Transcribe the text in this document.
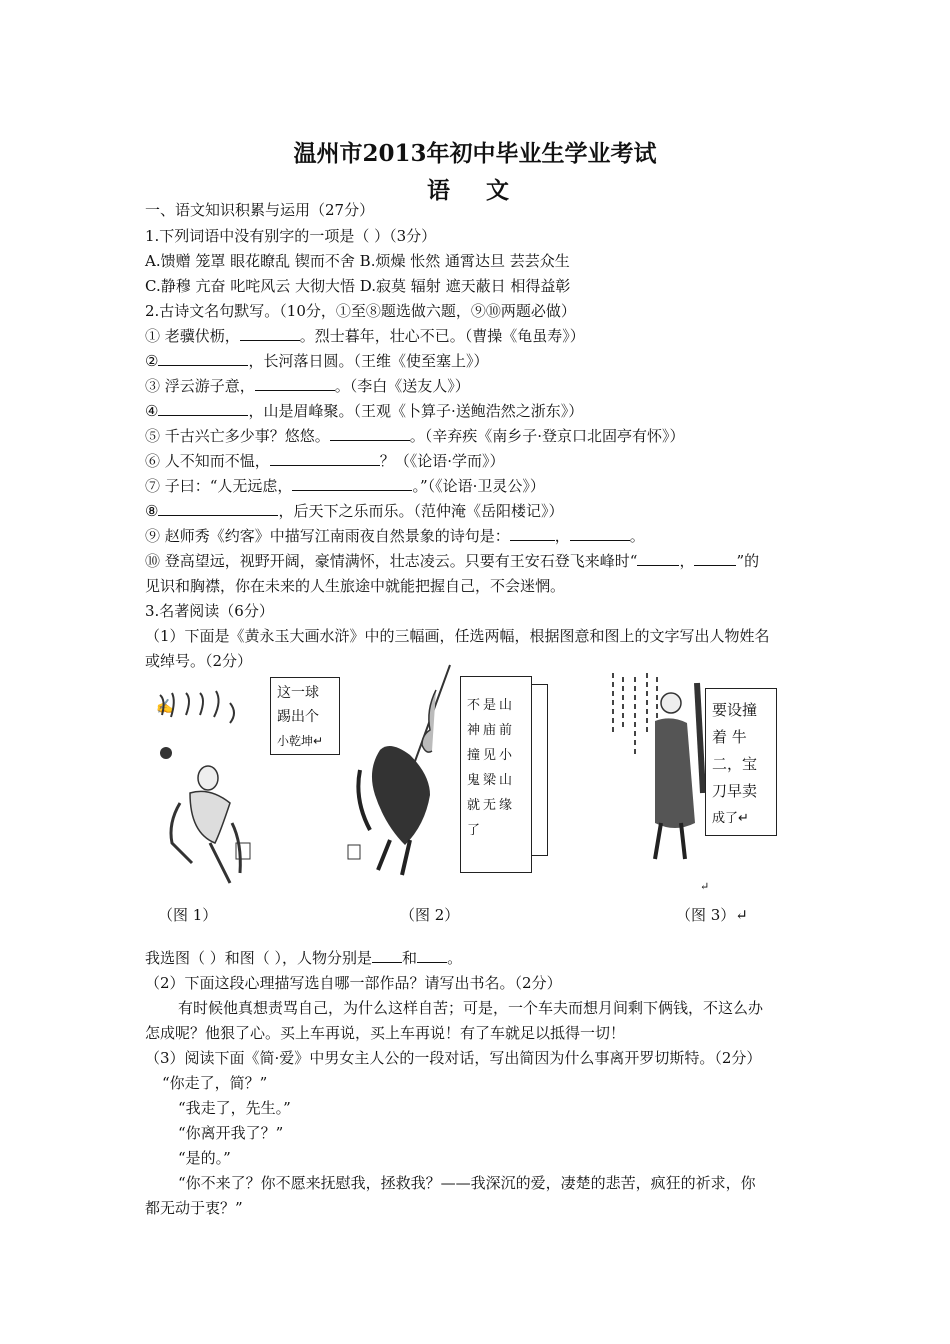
温州市2013年初中毕业生学业考试
语 文
一、语文知识积累与运用（27分）
1.下列词语中没有别字的一项是（ ）（3分）
A.馈赠 笼罩 眼花瞭乱 锲而不舍 B.烦燥 怅然 通霄达旦 芸芸众生
C.静穆 亢奋 叱咤风云 大彻大悟 D.寂莫 辐射 遮天蔽日 相得益彰
2.古诗文名句默写。（10分，①至⑧题选做六题，⑨⑩两题必做）
① 老骥伏枥，	。烈士暮年，壮心不已。（曹操《龟虽寿》）
②	，长河落日圆。（王维《使至塞上》）
③ 浮云游子意，	。（李白《送友人》）
④	，山是眉峰聚。（王观《卜算子·送鲍浩然之浙东》）
⑤ 千古兴亡多少事？悠悠。	。（辛弃疾《南乡子·登京口北固亭有怀》）
⑥ 人不知而不愠，	？（《论语·学而》）
⑦ 子曰：“人无远虑，	。”（《论语·卫灵公》）
⑧	，后天下之乐而乐。（范仲淹《岳阳楼记》）
⑨ 赵师秀《约客》中描写江南雨夜自然景象的诗句是：	，	。
⑩ 登高望远，视野开阔，豪情满怀，壮志凌云。只要有王安石登飞来峰时“	，	”的
见识和胸襟，你在未来的人生旅途中就能把握自己，不会迷惘。
3.名著阅读（6分）
（1）下面是《黄永玉大画水浒》中的三幅画，任选两幅，根据图意和图上的文字写出人物姓名
或绰号。（2分）
✍
这一球
踢出个
小乾坤↵
不是山
神庙前
撞见小
鬼梁山
就无缘
了
要设撞
着 牛
二，宝
刀早卖
成了↵
↵
（图 1）	（图 2）	（图 3）↵
我选图（ ）和图（ ），人物分别是 和 。
（2）下面这段心理描写选自哪一部作品？请写出书名。（2分）
有时候他真想责骂自己，为什么这样自苦；可是，一个车夫而想月间剩下俩钱，不这么办
怎成呢？他狠了心。买上车再说，买上车再说！有了车就足以抵得一切！
（3）阅读下面《简·爱》中男女主人公的一段对话，写出简因为什么事离开罗切斯特。（2分）
“你走了，简？”
“我走了，先生。”
“你离开我了？”
“是的。”
“你不来了？你不愿来抚慰我，拯救我？——我深沉的爱，凄楚的悲苦，疯狂的祈求，你
都无动于衷？”
